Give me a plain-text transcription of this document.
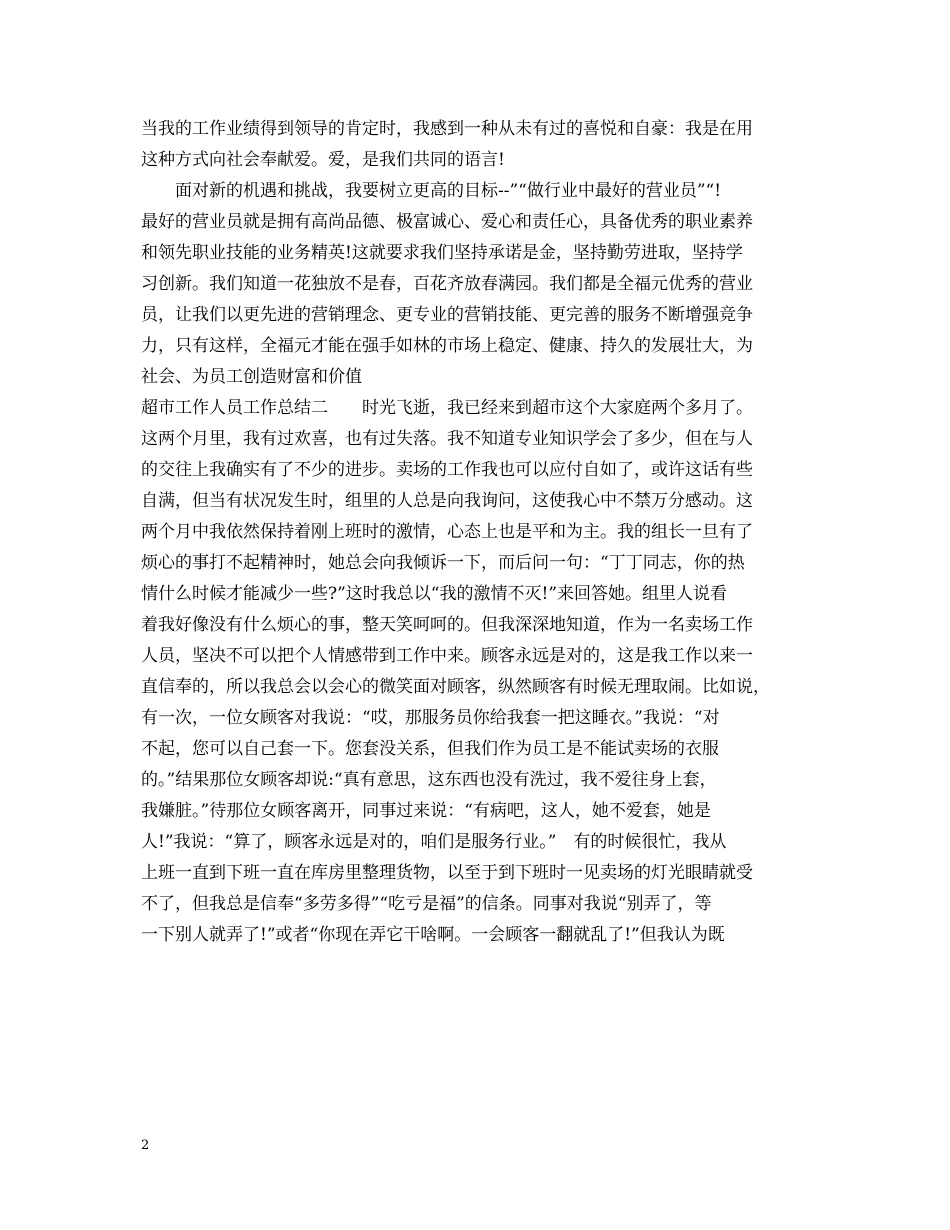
当我的工作业绩得到领导的肯定时，我感到一种从未有过的喜悦和自豪：我是在用
这种方式向社会奉献爱。爱，是我们共同的语言!
　　面对新的机遇和挑战，我要树立更高的目标--”“做行业中最好的营业员”“!
最好的营业员就是拥有高尚品德、极富诚心、爱心和责任心，具备优秀的职业素养
和领先职业技能的业务精英!这就要求我们坚持承诺是金，坚持勤劳进取，坚持学
习创新。我们知道一花独放不是春，百花齐放春满园。我们都是全福元优秀的营业
员，让我们以更先进的营销理念、更专业的营销技能、更完善的服务不断增强竞争
力，只有这样，全福元才能在强手如林的市场上稳定、健康、持久的发展壮大，为
社会、为员工创造财富和价值
超市工作人员工作总结二　　时光飞逝，我已经来到超市这个大家庭两个多月了。
这两个月里，我有过欢喜，也有过失落。我不知道专业知识学会了多少，但在与人
的交往上我确实有了不少的进步。卖场的工作我也可以应付自如了，或许这话有些
自满，但当有状况发生时，组里的人总是向我询问，这使我心中不禁万分感动。这
两个月中我依然保持着刚上班时的激情，心态上也是平和为主。我的组长一旦有了
烦心的事打不起精神时，她总会向我倾诉一下，而后问一句：“丁丁同志，你的热
情什么时候才能减少一些?”这时我总以“我的激情不灭!”来回答她。组里人说看
着我好像没有什么烦心的事，整天笑呵呵的。但我深深地知道，作为一名卖场工作
人员，坚决不可以把个人情感带到工作中来。顾客永远是对的，这是我工作以来一
直信奉的，所以我总会以会心的微笑面对顾客，纵然顾客有时候无理取闹。比如说，
有一次，一位女顾客对我说：“哎，那服务员你给我套一把这睡衣。”我说：“对
不起，您可以自己套一下。您套没关系，但我们作为员工是不能试卖场的衣服
的。”结果那位女顾客却说:“真有意思，这东西也没有洗过，我不爱往身上套，
我嫌脏。”待那位女顾客离开，同事过来说：“有病吧，这人，她不爱套，她是
人!”我说：“算了，顾客永远是对的，咱们是服务行业。”　有的时候很忙，我从
上班一直到下班一直在库房里整理货物，以至于到下班时一见卖场的灯光眼睛就受
不了，但我总是信奉“多劳多得”“吃亏是福”的信条。同事对我说“别弄了，等
一下别人就弄了!”或者“你现在弄它干啥啊。一会顾客一翻就乱了!”但我认为既
2
